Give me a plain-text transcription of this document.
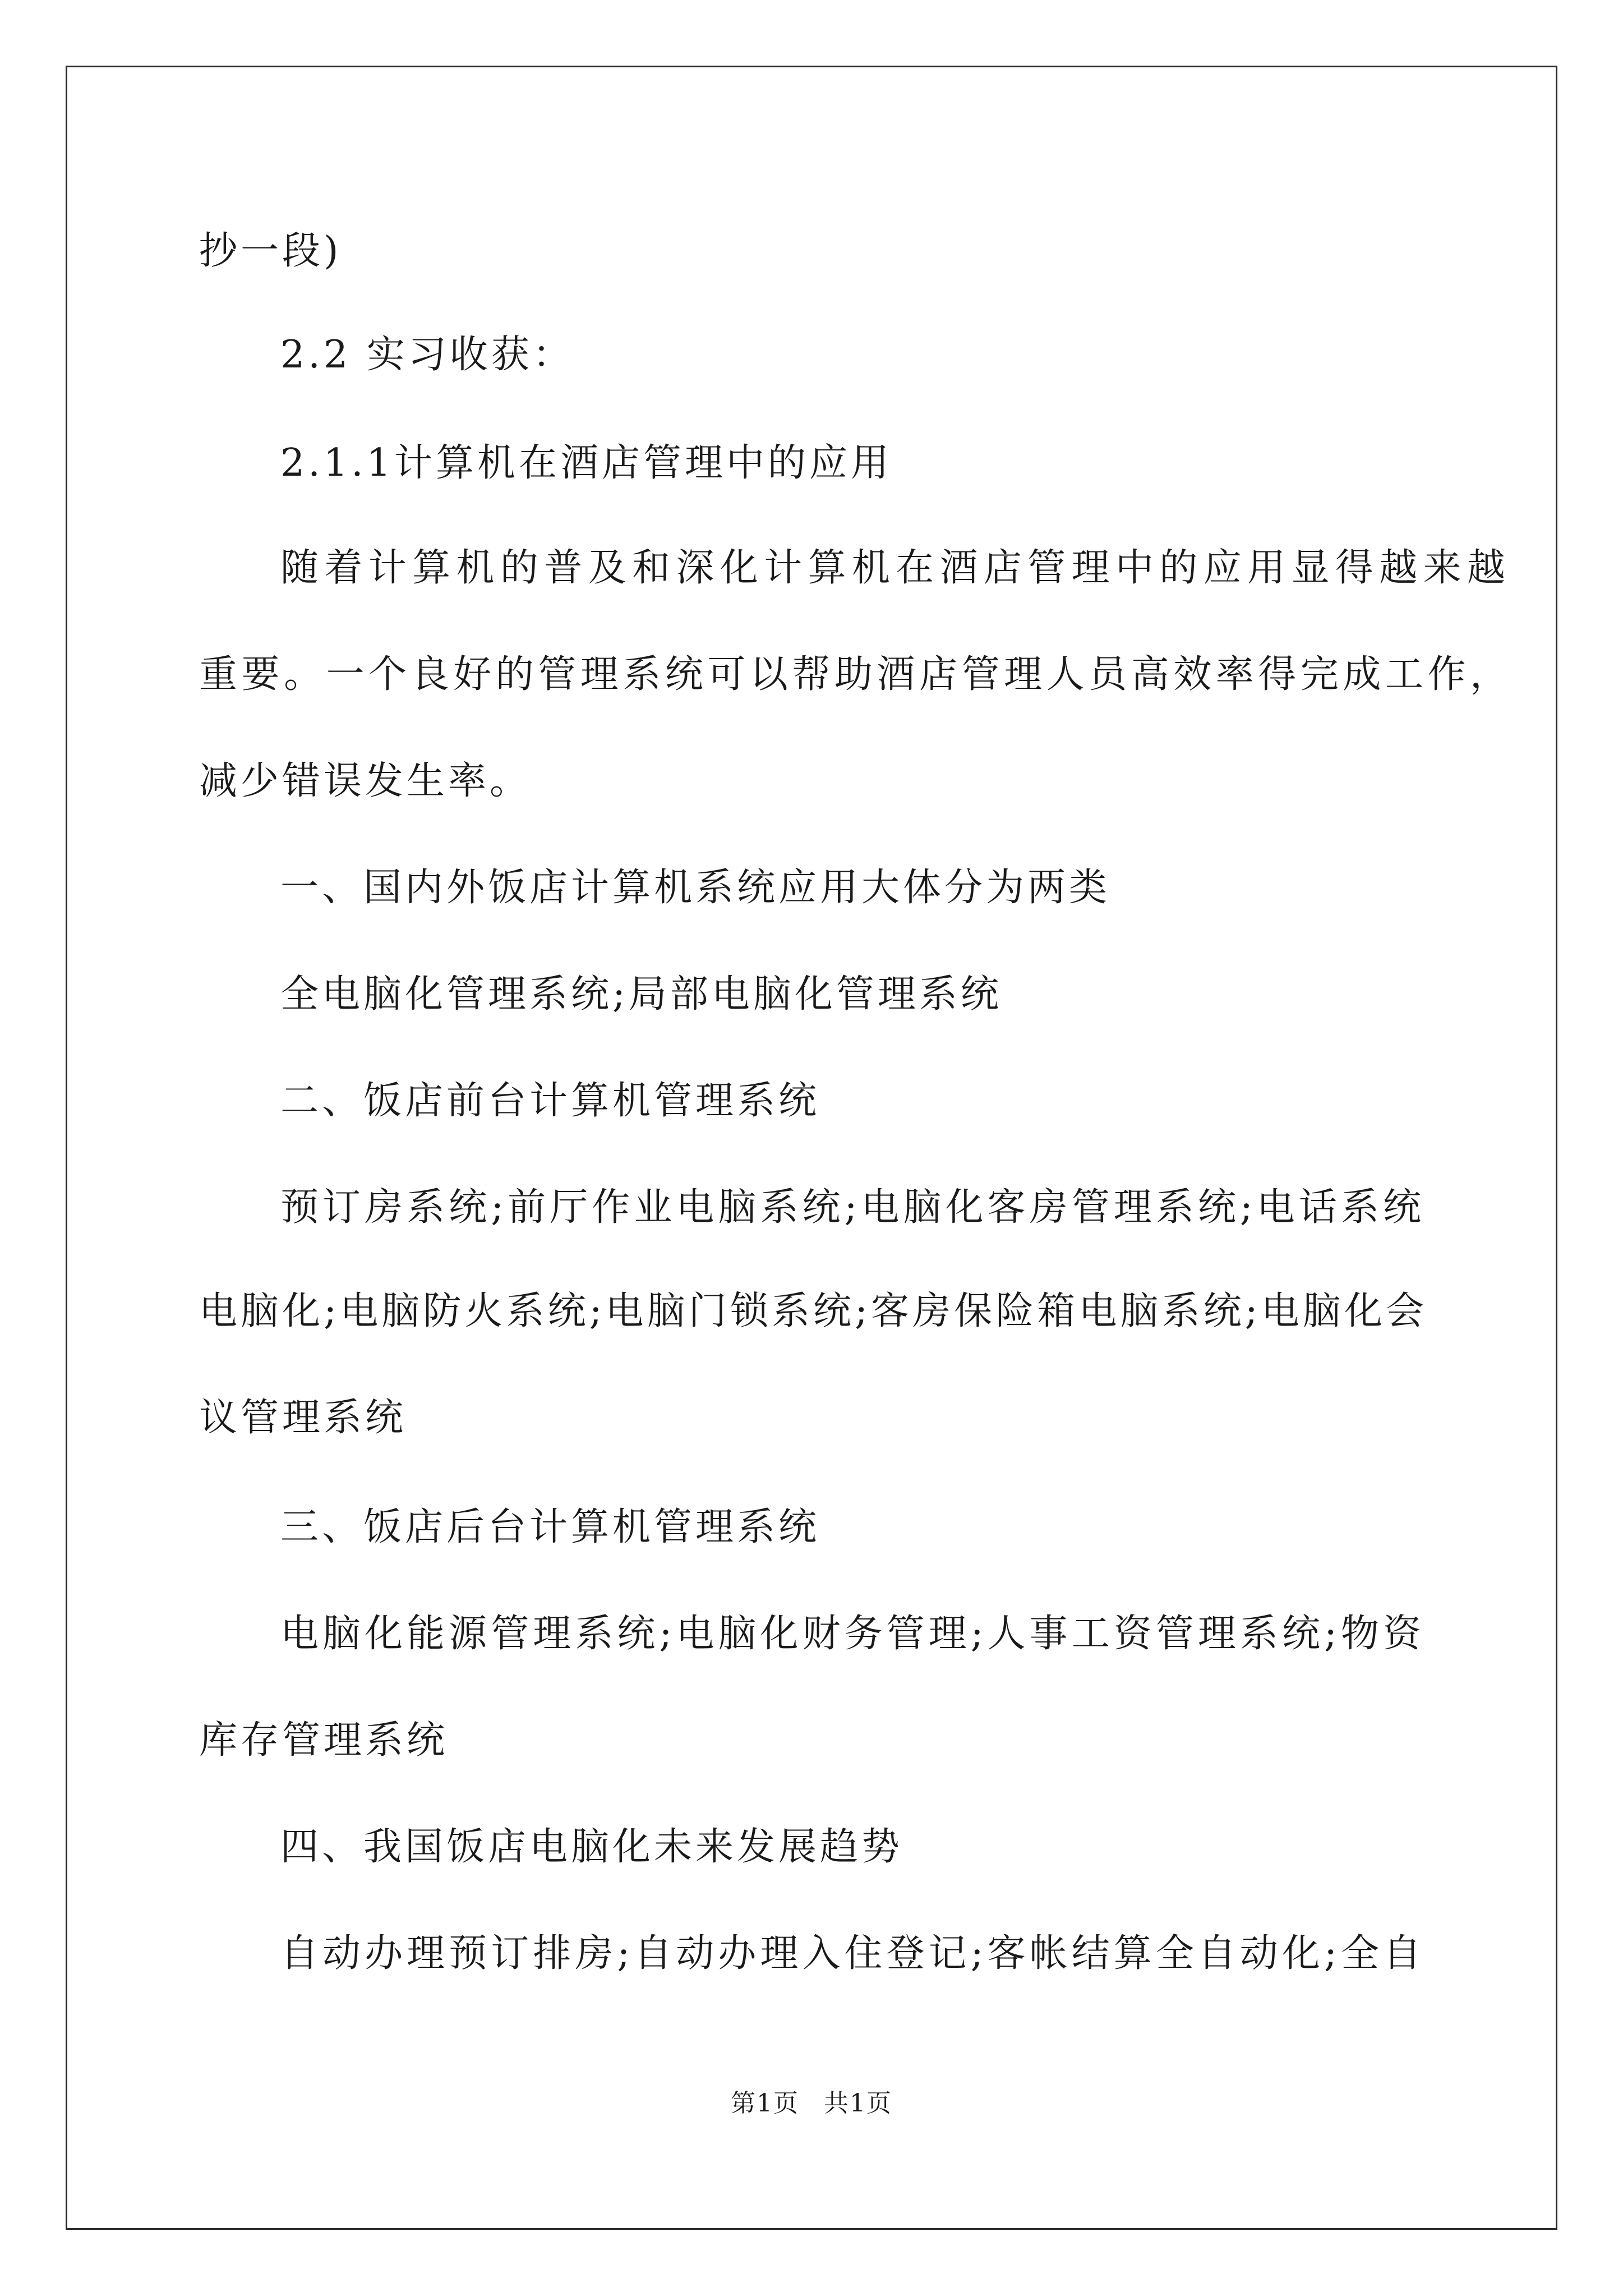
抄一段)
2.2 实习收获：
2.1.1计算机在酒店管理中的应用
随着计算机的普及和深化计算机在酒店管理中的应用显得越来越
重要。一个良好的管理系统可以帮助酒店管理人员高效率得完成工作，
减少错误发生率。
一、国内外饭店计算机系统应用大体分为两类
全电脑化管理系统;局部电脑化管理系统
二、饭店前台计算机管理系统
预订房系统;前厅作业电脑系统;电脑化客房管理系统;电话系统
电脑化;电脑防火系统;电脑门锁系统;客房保险箱电脑系统;电脑化会
议管理系统
三、饭店后台计算机管理系统
电脑化能源管理系统;电脑化财务管理;人事工资管理系统;物资
库存管理系统
四、我国饭店电脑化未来发展趋势
自动办理预订排房;自动办理入住登记;客帐结算全自动化;全自
第1页 共1页
